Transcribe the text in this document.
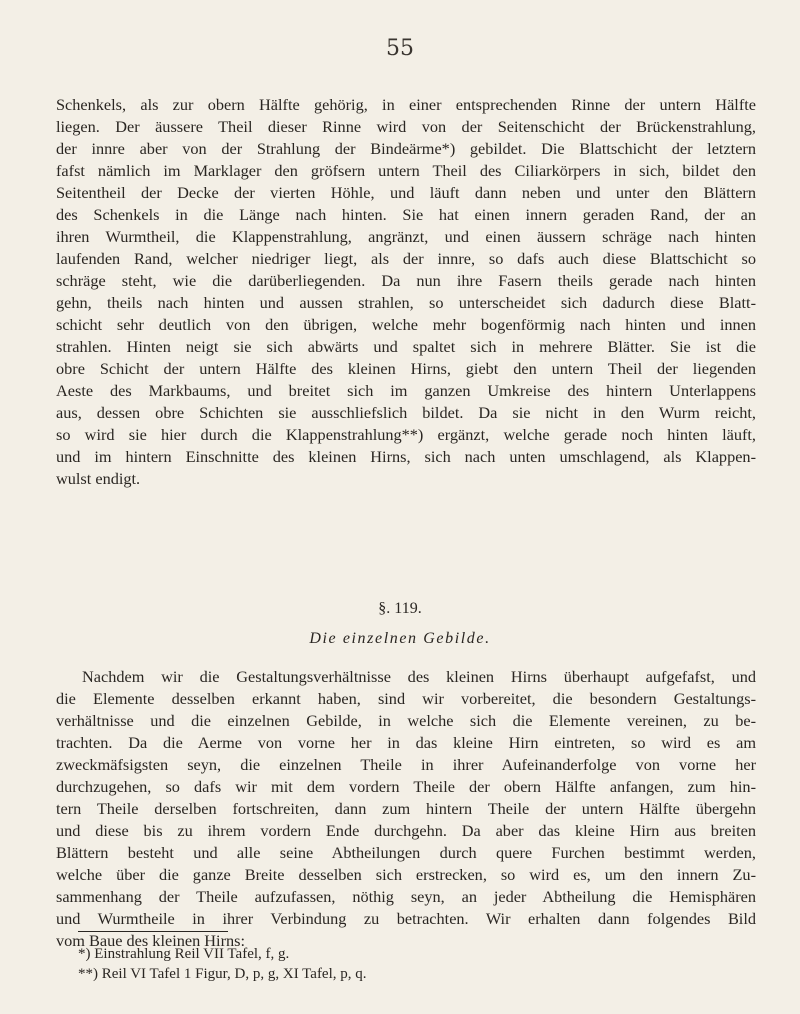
55
Schenkels, als zur obern Hälfte gehörig, in einer entsprechenden Rinne der untern Hälfte
liegen. Der äussere Theil dieser Rinne wird von der Seitenschicht der Brückenstrahlung,
der innre aber von der Strahlung der Bindeärme*) gebildet. Die Blattschicht der letztern
fafst nämlich im Marklager den gröfsern untern Theil des Ciliarkörpers in sich, bildet den
Seitentheil der Decke der vierten Höhle, und läuft dann neben und unter den Blättern
des Schenkels in die Länge nach hinten. Sie hat einen innern geraden Rand, der an
ihren Wurmtheil, die Klappenstrahlung, angränzt, und einen äussern schräge nach hinten
laufenden Rand, welcher niedriger liegt, als der innre, so dafs auch diese Blattschicht so
schräge steht, wie die darüberliegenden. Da nun ihre Fasern theils gerade nach hinten
gehn, theils nach hinten und aussen strahlen, so unterscheidet sich dadurch diese Blatt-
schicht sehr deutlich von den übrigen, welche mehr bogenförmig nach hinten und innen
strahlen. Hinten neigt sie sich abwärts und spaltet sich in mehrere Blätter. Sie ist die
obre Schicht der untern Hälfte des kleinen Hirns, giebt den untern Theil der liegenden
Aeste des Markbaums, und breitet sich im ganzen Umkreise des hintern Unterlappens
aus, dessen obre Schichten sie ausschliefslich bildet. Da sie nicht in den Wurm reicht,
so wird sie hier durch die Klappenstrahlung**) ergänzt, welche gerade noch hinten läuft,
und im hintern Einschnitte des kleinen Hirns, sich nach unten umschlagend, als Klappen-
wulst endigt.
§. 119.
Die einzelnen Gebilde.
Nachdem wir die Gestaltungsverhältnisse des kleinen Hirns überhaupt aufgefafst, und
die Elemente desselben erkannt haben, sind wir vorbereitet, die besondern Gestaltungs-
verhältnisse und die einzelnen Gebilde, in welche sich die Elemente vereinen, zu be-
trachten. Da die Aerme von vorne her in das kleine Hirn eintreten, so wird es am
zweckmäfsigsten seyn, die einzelnen Theile in ihrer Aufeinanderfolge von vorne her
durchzugehen, so dafs wir mit dem vordern Theile der obern Hälfte anfangen, zum hin-
tern Theile derselben fortschreiten, dann zum hintern Theile der untern Hälfte übergehn
und diese bis zu ihrem vordern Ende durchgehn. Da aber das kleine Hirn aus breiten
Blättern besteht und alle seine Abtheilungen durch quere Furchen bestimmt werden,
welche über die ganze Breite desselben sich erstrecken, so wird es, um den innern Zu-
sammenhang der Theile aufzufassen, nöthig seyn, an jeder Abtheilung die Hemisphären
und Wurmtheile in ihrer Verbindung zu betrachten. Wir erhalten dann folgendes Bild
vom Baue des kleinen Hirns:
*) Einstrahlung Reil VII Tafel, f, g.
**) Reil VI Tafel 1 Figur, D, p, g, XI Tafel, p, q.
